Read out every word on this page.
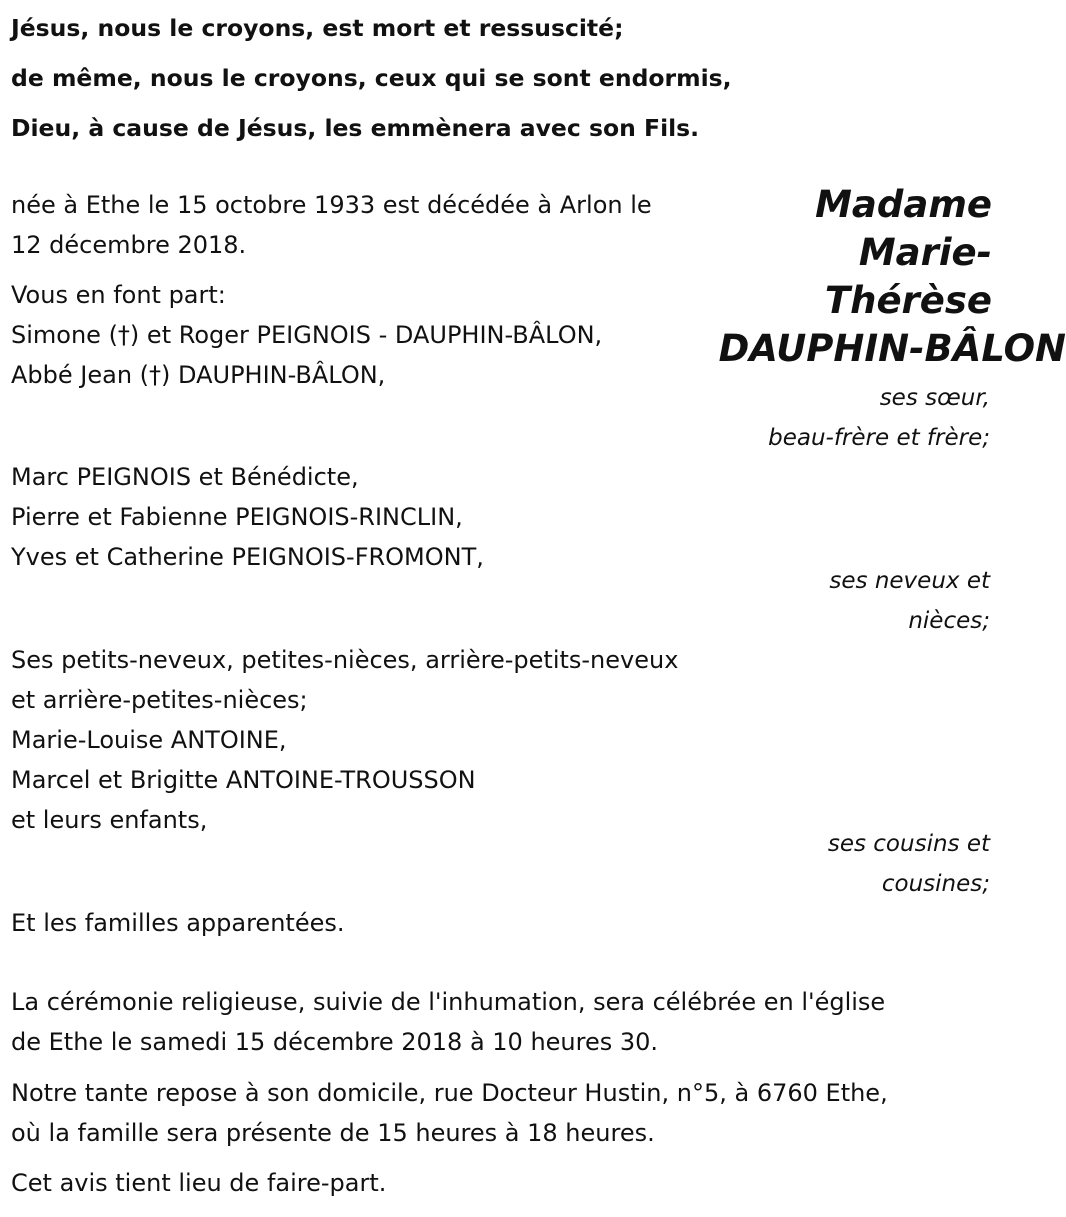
Jésus, nous le croyons, est mort et ressuscité;
de même, nous le croyons, ceux qui se sont endormis,
Dieu, à cause de Jésus, les emmènera avec son Fils.
Madame
Marie-
Thérèse
DAUPHIN-BÂLON
née à Ethe le 15 octobre 1933 est décédée à Arlon le
12 décembre 2018.
Vous en font part:
Simone (†) et Roger PEIGNOIS - DAUPHIN-BÂLON,
Abbé Jean (†) DAUPHIN-BÂLON,
ses sœur,
beau-frère et frère;
Marc PEIGNOIS et Bénédicte,
Pierre et Fabienne PEIGNOIS-RINCLIN,
Yves et Catherine PEIGNOIS-FROMONT,
ses neveux et
nièces;
Ses petits-neveux, petites-nièces, arrière-petits-neveux
et arrière-petites-nièces;
Marie-Louise ANTOINE,
Marcel et Brigitte ANTOINE-TROUSSON
et leurs enfants,
ses cousins et
cousines;
Et les familles apparentées.
La cérémonie religieuse, suivie de l'inhumation, sera célébrée en l'église
de Ethe le samedi 15 décembre 2018 à 10 heures 30.
Notre tante repose à son domicile, rue Docteur Hustin, n°5, à 6760 Ethe,
où la famille sera présente de 15 heures à 18 heures.
Cet avis tient lieu de faire-part.
